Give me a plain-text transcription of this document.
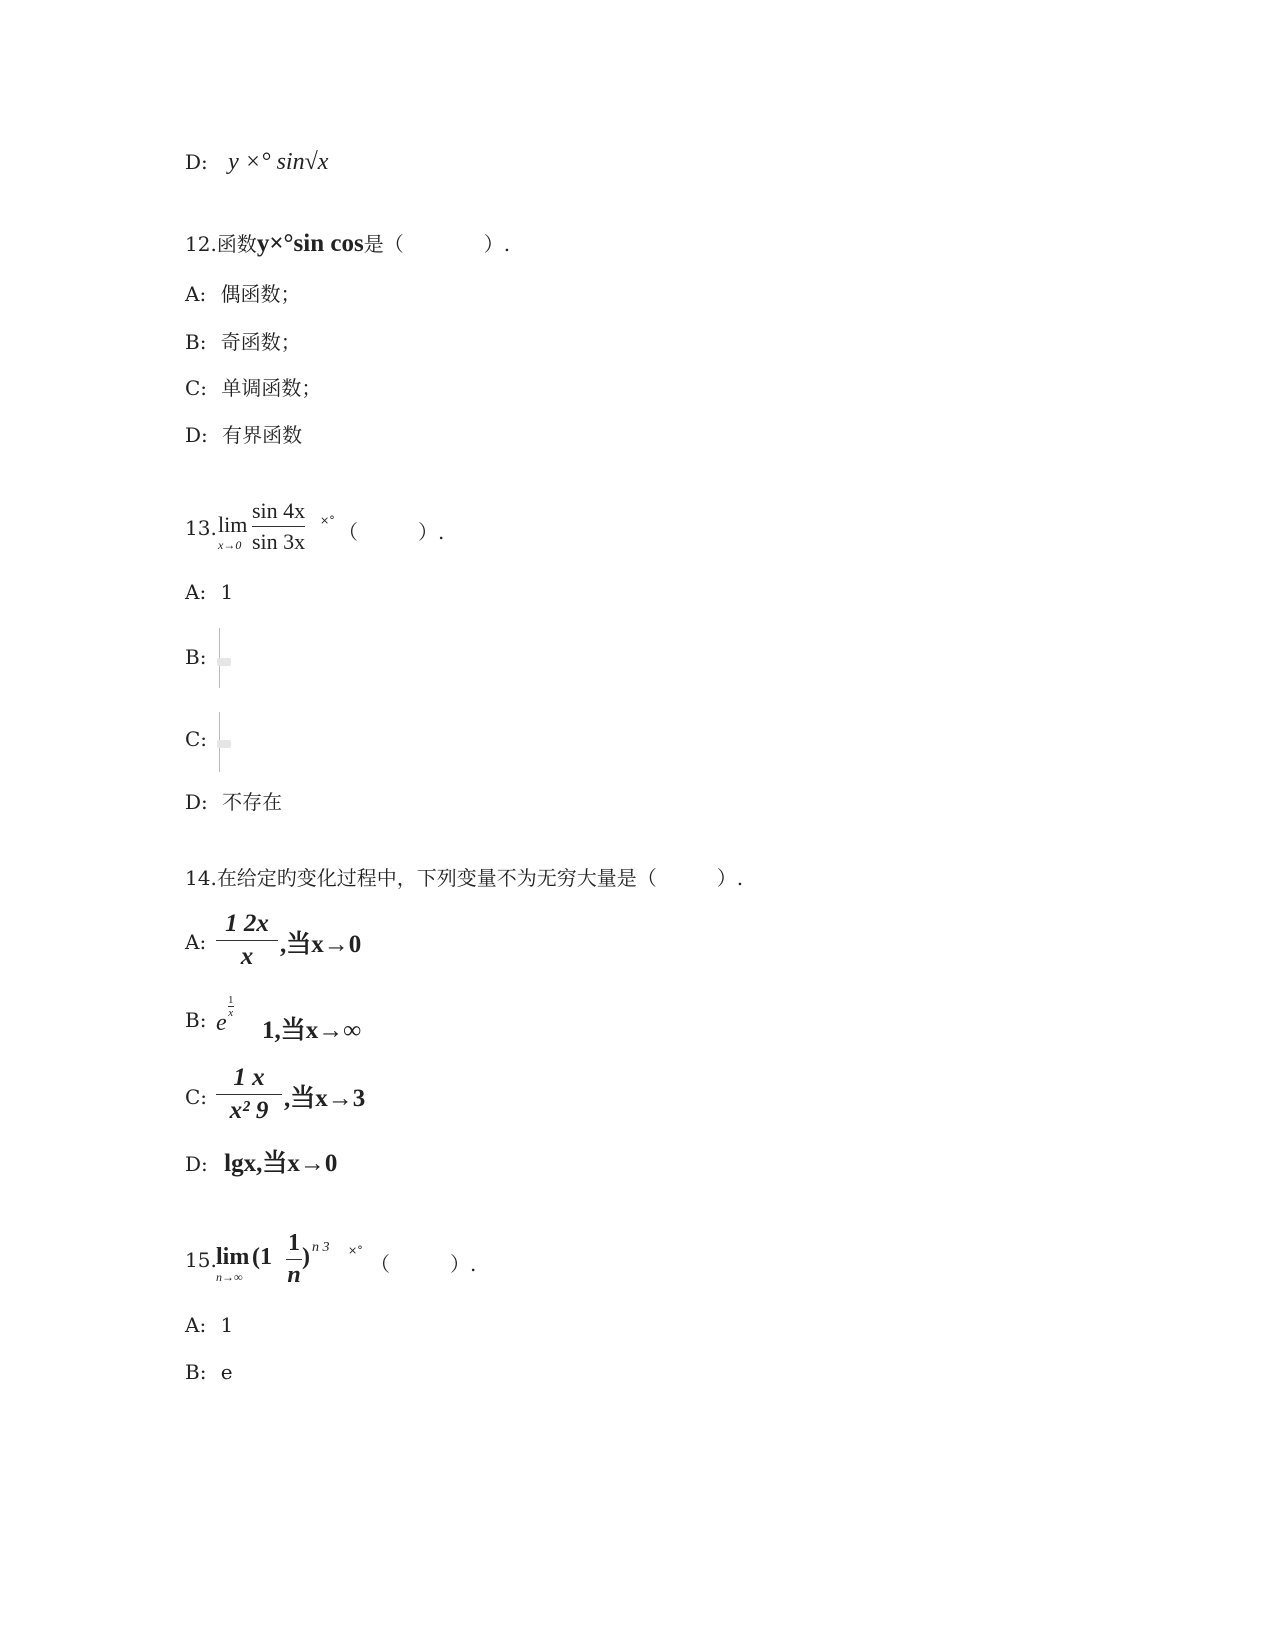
D: y ×° sin√x
12.函数y×°sin cos是（　　　　）.
A: 偶函数；
B: 奇函数；
C: 单调函数；
D: 有界函数
13. lim
x→0
sin 4x
sin 3x
×° （　　　）.
A: 1
B:
C:
D: 不存在
14.在给定旳变化过程中，下列变量不为无穷大量是（　　　）.
A:
1 2x
x	,当x→0
B: e
1
x
1,当x→∞
C:
1 x
x² 9 ,当x→3
D: lgx,当x→0
15. lim
n→∞
(1
1
n
) n 3 ×°
（　　　）.
A: 1
B: e
